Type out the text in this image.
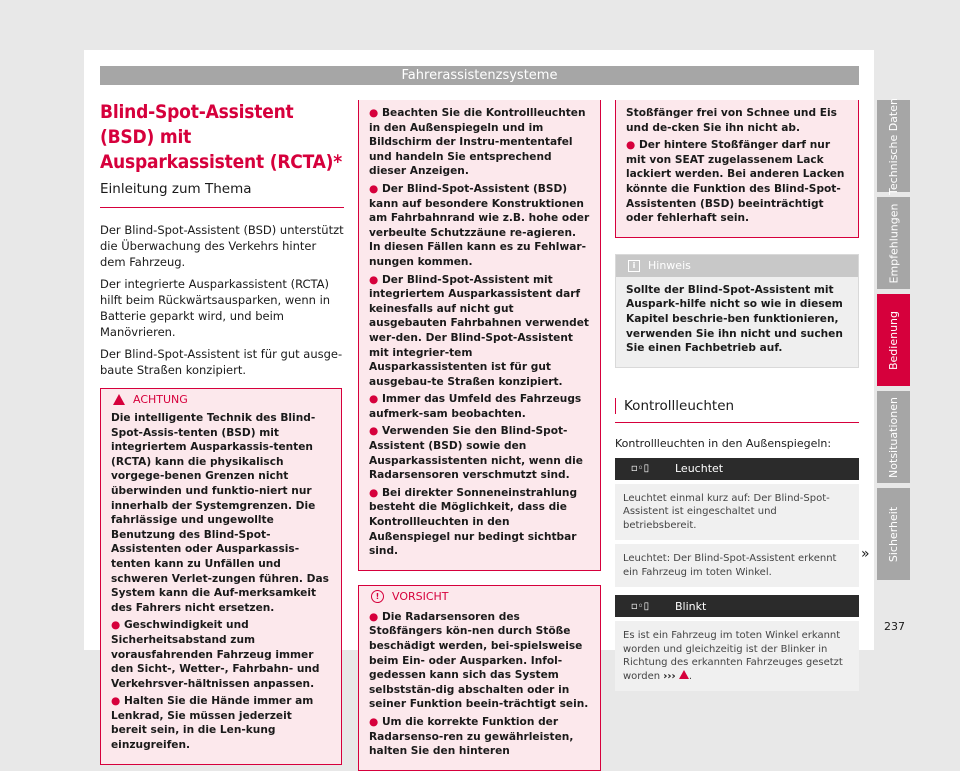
Fahrerassistenzsysteme
Blind-Spot-Assistent (BSD) mit
Ausparkassistent (RCTA)*
Einleitung zum Thema

Der Blind-Spot-Assistent (BSD) unterstützt die Überwachung des Verkehrs hinter dem Fahrzeug.

Der integrierte Ausparkassistent (RCTA) hilft beim Rückwärtsausparken, wenn in Batterie geparkt wird, und beim Manövrieren.

Der Blind-Spot-Assistent ist für gut ausge-baute Straßen konzipiert.

ACHTUNG

Die intelligente Technik des Blind-Spot-Assis-tenten (BSD) mit integriertem Ausparkassis-tenten (RCTA) kann die physikalisch vorgege-benen Grenzen nicht überwinden und funktio-niert nur innerhalb der Systemgrenzen. Die fahrlässige und ungewollte Benutzung des Blind-Spot-Assistenten oder Ausparkassis-tenten kann zu Unfällen und schweren Verlet-zungen führen. Das System kann die Auf-merksamkeit des Fahrers nicht ersetzen.

● Geschwindigkeit und Sicherheitsabstand zum vorausfahrenden Fahrzeug immer den Sicht-, Wetter-, Fahrbahn- und Verkehrsver-hältnissen anpassen.

● Halten Sie die Hände immer am Lenkrad, Sie müssen jederzeit bereit sein, in die Len-kung einzugreifen.

● Beachten Sie die Kontrollleuchten in den Außenspiegeln und im Bildschirm der Instru-mententafel und handeln Sie entsprechend dieser Anzeigen.

● Der Blind-Spot-Assistent (BSD) kann auf besondere Konstruktionen am Fahrbahnrand wie z.B. hohe oder verbeulte Schutzzäune re-agieren. In diesen Fällen kann es zu Fehlwar-nungen kommen.

● Der Blind-Spot-Assistent mit integriertem Ausparkassistent darf keinesfalls auf nicht gut ausgebauten Fahrbahnen verwendet wer-den. Der Blind-Spot-Assistent mit integrier-tem Ausparkassistenten ist für gut ausgebau-te Straßen konzipiert.

● Immer das Umfeld des Fahrzeugs aufmerk-sam beobachten.

● Verwenden Sie den Blind-Spot-Assistent (BSD) sowie den Ausparkassistenten nicht, wenn die Radarsensoren verschmutzt sind.

● Bei direkter Sonneneinstrahlung besteht die Möglichkeit, dass die Kontrollleuchten in den Außenspiegel nur bedingt sichtbar sind.

!	VORSICHT

● Die Radarsensoren des Stoßfängers kön-nen durch Stöße beschädigt werden, bei-spielsweise beim Ein- oder Ausparken. Infol-gedessen kann sich das System selbststän-dig abschalten oder in seiner Funktion beein-trächtigt sein.

● Um die korrekte Funktion der Radarsenso-ren zu gewährleisten, halten Sie den hinteren

Stoßfänger frei von Schnee und Eis und de-cken Sie ihn nicht ab.

● Der hintere Stoßfänger darf nur mit von SEAT zugelassenem Lack lackiert werden. Bei anderen Lacken könnte die Funktion des Blind-Spot-Assistenten (BSD) beeinträchtigt oder fehlerhaft sein.

i	Hinweis

Sollte der Blind-Spot-Assistent mit Auspark-hilfe nicht so wie in diesem Kapitel beschrie-ben funktionieren, verwenden Sie ihn nicht und suchen Sie einen Fachbetrieb auf.

Kontrollleuchten
Kontrollleuchten in den Außenspiegeln:
▫◦▯	Leuchtet
Leuchtet einmal kurz auf: Der Blind-Spot-Assistent ist eingeschaltet und betriebsbereit.
Leuchtet: Der Blind-Spot-Assistent erkennt ein Fahrzeug im toten Winkel.
▫◦▯	Blinkt
Es ist ein Fahrzeug im toten Winkel erkannt worden und gleichzeitig ist der Blinker in Richtung des erkannten Fahrzeuges gesetzt worden ››› .
»
Technische Daten
Empfehlungen
Bedienung
Notsituationen
Sicherheit
237
